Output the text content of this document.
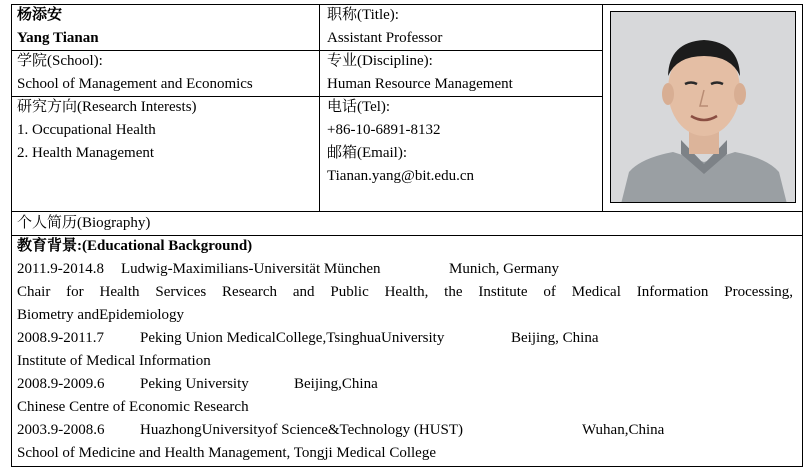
杨添安
Yang Tianan
职称(Title):
Assistant Professor
学院(School):
School of Management and Economics
专业(Discipline):
Human Resource Management
研究方向(Research Interests)
1. Occupational Health
2. Health Management
电话(Tel):
+86-10-6891-8132
邮箱(Email):
Tianan.yang@bit.edu.cn
个人简历(Biography)
教育背景:(Educational Background)
2011.9-2014.8 Ludwig-Maximilians-Universität München	Munich, Germany
Chair for Health Services Research and Public Health, the Institute of Medical Information Processing,
Biometry andEpidemiology
2008.9-2011.7 Peking Union MedicalCollege,TsinghuaUniversity	Beijing, China
Institute of Medical Information
2008.9-2009.6 Peking University	Beijing,China
Chinese Centre of Economic Research
2003.9-2008.6 HuazhongUniversityof Science&Technology (HUST)	Wuhan,China
School of Medicine and Health Management, Tongji Medical College
